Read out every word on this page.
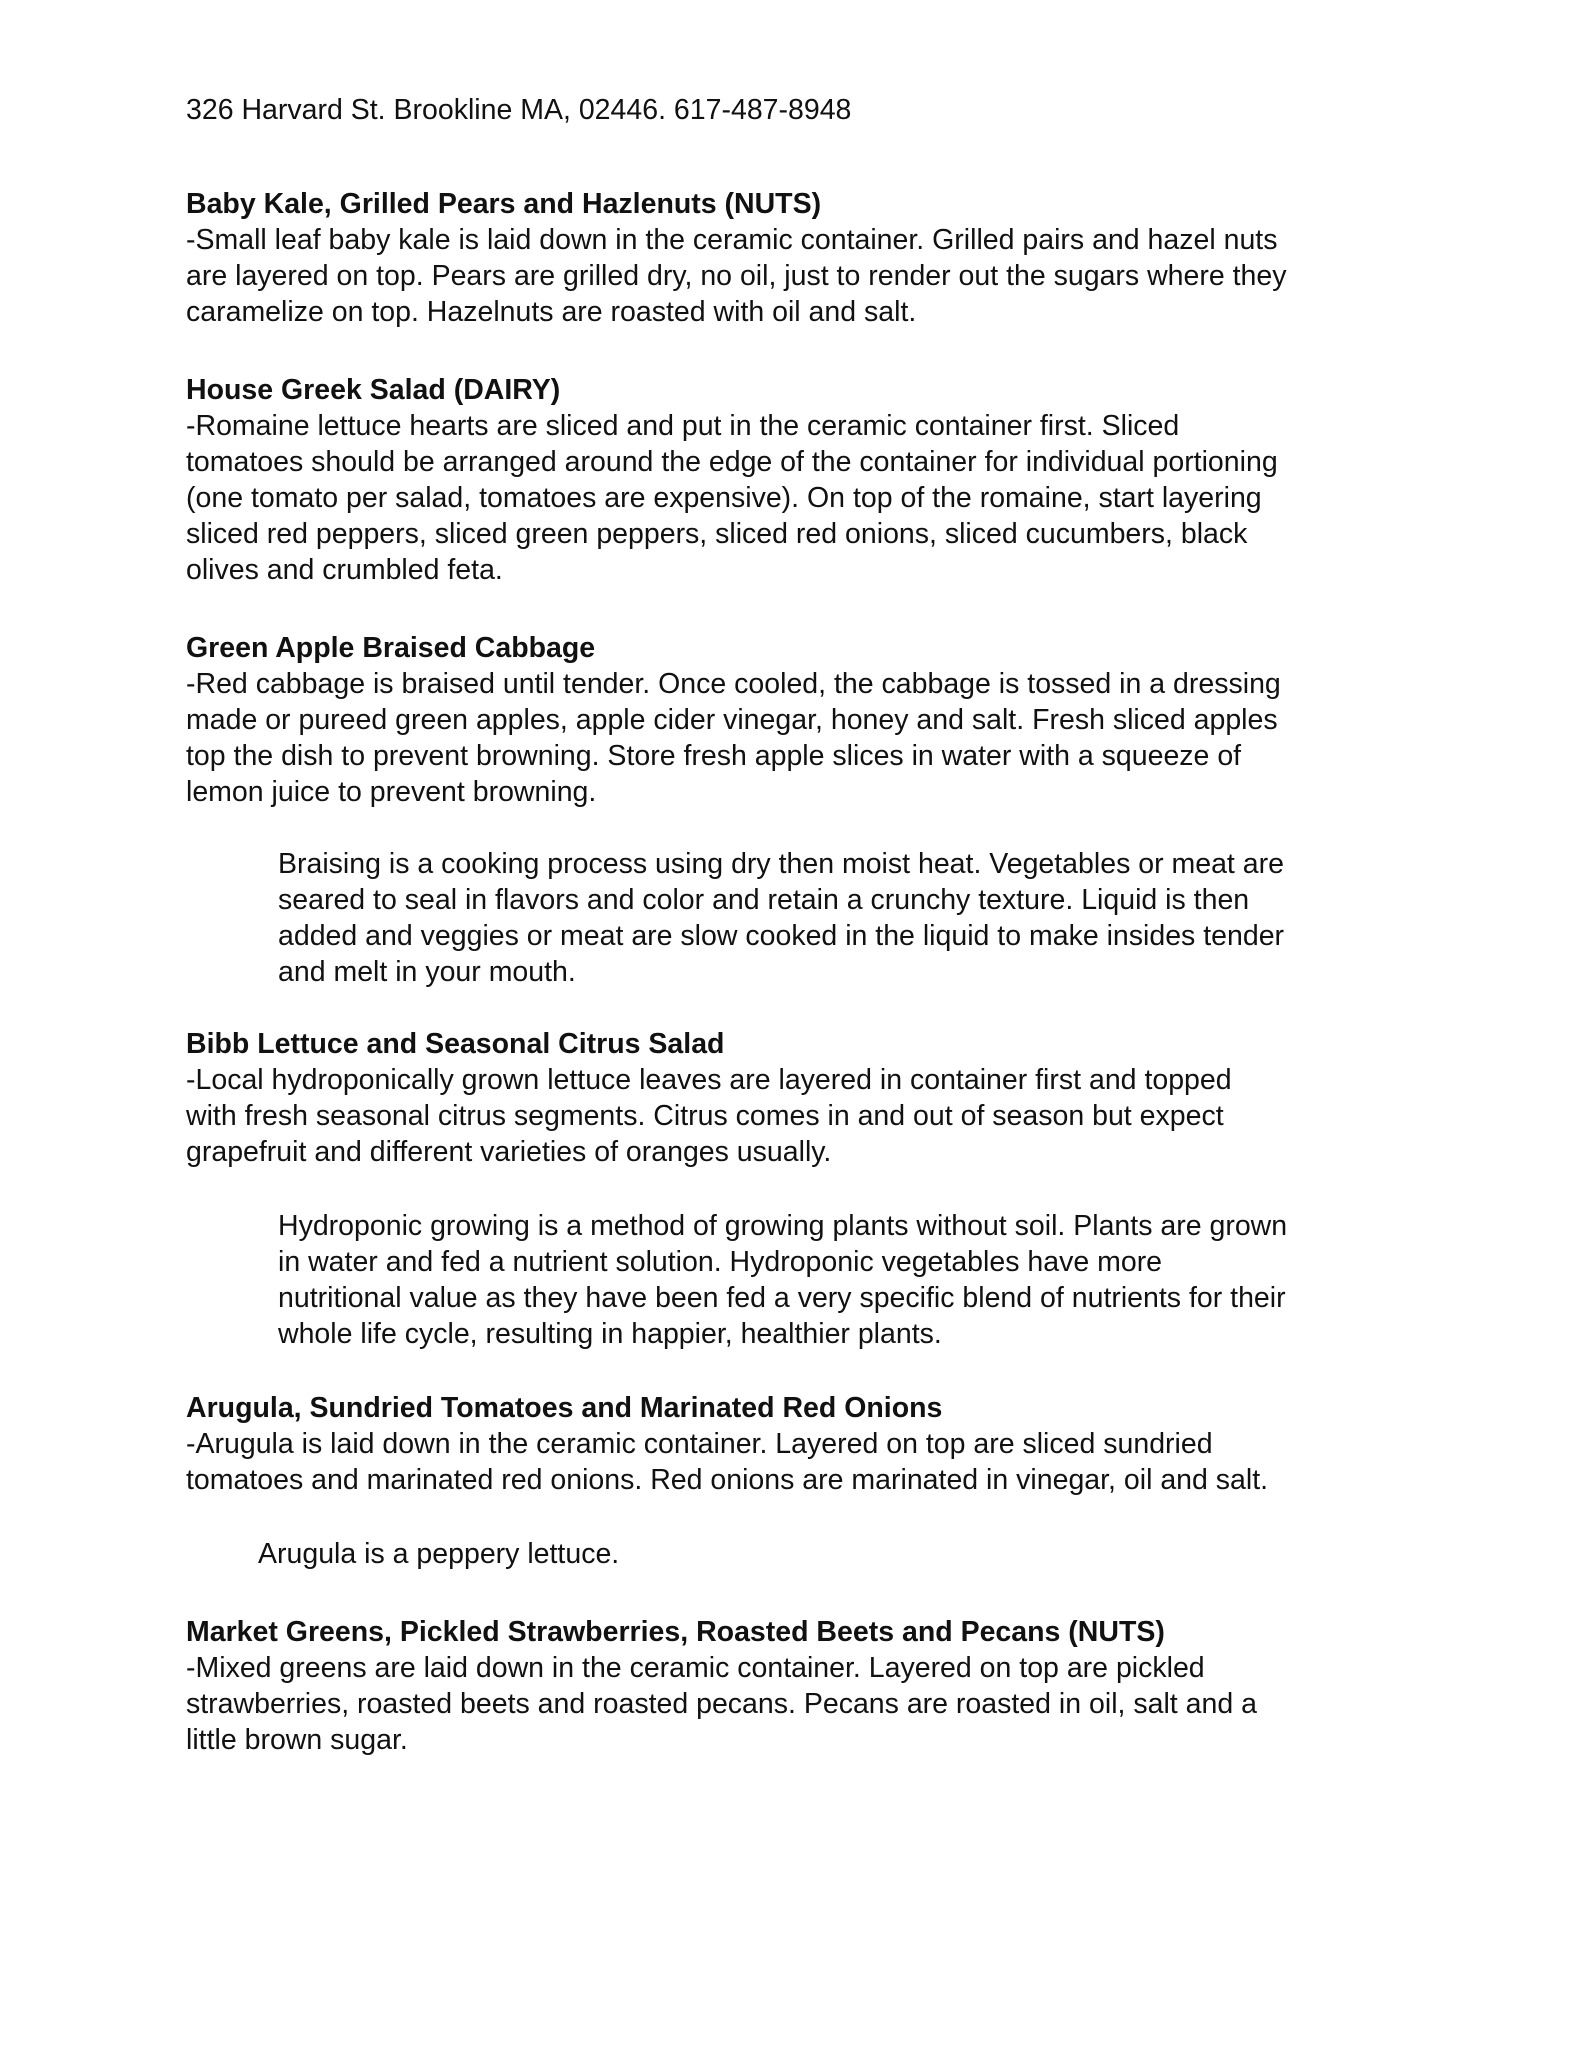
326 Harvard St. Brookline MA, 02446. 617-487-8948
Baby Kale, Grilled Pears and Hazlenuts (NUTS)
-Small leaf baby kale is laid down in the ceramic container. Grilled pairs and hazel nuts
are layered on top. Pears are grilled dry, no oil, just to render out the sugars where they
caramelize on top. Hazelnuts are roasted with oil and salt.
House Greek Salad (DAIRY)
-Romaine lettuce hearts are sliced and put in the ceramic container first. Sliced
tomatoes should be arranged around the edge of the container for individual portioning
(one tomato per salad, tomatoes are expensive). On top of the romaine, start layering
sliced red peppers, sliced green peppers, sliced red onions, sliced cucumbers, black
olives and crumbled feta.
Green Apple Braised Cabbage
-Red cabbage is braised until tender. Once cooled, the cabbage is tossed in a dressing
made or pureed green apples, apple cider vinegar, honey and salt. Fresh sliced apples
top the dish to prevent browning. Store fresh apple slices in water with a squeeze of
lemon juice to prevent browning.
Braising is a cooking process using dry then moist heat. Vegetables or meat are
seared to seal in flavors and color and retain a crunchy texture. Liquid is then
added and veggies or meat are slow cooked in the liquid to make insides tender
and melt in your mouth.
Bibb Lettuce and Seasonal Citrus Salad
-Local hydroponically grown lettuce leaves are layered in container first and topped
with fresh seasonal citrus segments. Citrus comes in and out of season but expect
grapefruit and different varieties of oranges usually.
Hydroponic growing is a method of growing plants without soil. Plants are grown
in water and fed a nutrient solution. Hydroponic vegetables have more
nutritional value as they have been fed a very specific blend of nutrients for their
whole life cycle, resulting in happier, healthier plants.
Arugula, Sundried Tomatoes and Marinated Red Onions
-Arugula is laid down in the ceramic container. Layered on top are sliced sundried
tomatoes and marinated red onions. Red onions are marinated in vinegar, oil and salt.
Arugula is a peppery lettuce.
Market Greens, Pickled Strawberries, Roasted Beets and Pecans (NUTS)
-Mixed greens are laid down in the ceramic container. Layered on top are pickled
strawberries, roasted beets and roasted pecans. Pecans are roasted in oil, salt and a
little brown sugar.
